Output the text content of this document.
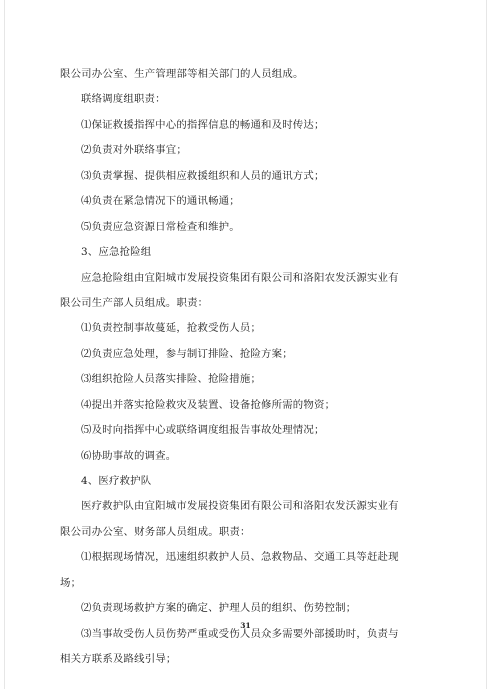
限公司办公室、生产管理部等相关部门的人员组成。
联络调度组职责：
⑴保证救援指挥中心的指挥信息的畅通和及时传达；
⑵负责对外联络事宜；
⑶负责掌握、提供相应救援组织和人员的通讯方式；
⑷负责在紧急情况下的通讯畅通；
⑸负责应急资源日常检查和维护。
3、应急抢险组
应急抢险组由宜阳城市发展投资集团有限公司和洛阳农发沃源实业有
限公司生产部人员组成。职责：
⑴负责控制事故蔓延，抢救受伤人员；
⑵负责应急处理，参与制订排险、抢险方案；
⑶组织抢险人员落实排险、抢险措施；
⑷提出并落实抢险救灾及装置、设备抢修所需的物资；
⑸及时向指挥中心或联络调度组报告事故处理情况；
⑹协助事故的调查。
4、医疗救护队
医疗救护队由宜阳城市发展投资集团有限公司和洛阳农发沃源实业有
限公司办公室、财务部人员组成。职责：
⑴根据现场情况，迅速组织救护人员、急救物品、交通工具等赶赴现
场；
⑵负责现场救护方案的确定、护理人员的组织、伤势控制；
⑶当事故受伤人员伤势严重或受伤人员众多需要外部援助时，负责与
相关方联系及路线引导；
31
